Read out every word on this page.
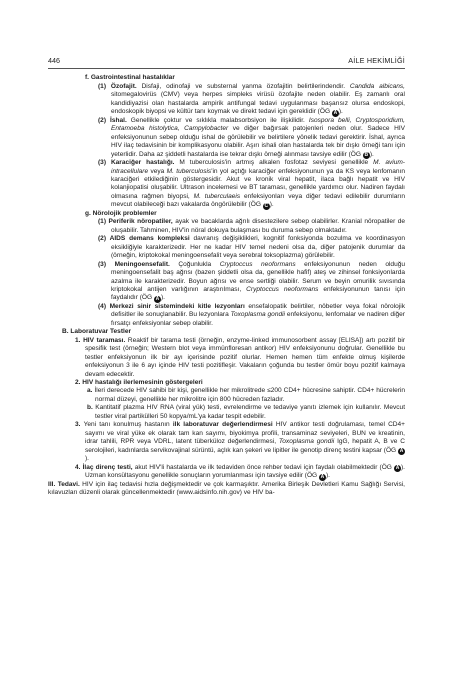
446	AİLE HEKİMLİĞİ

f. Gastrointestinal hastalıklar

(1) Özofajit. Disfaji, odinofaji ve substernal yanma özofajitin belirtilerindendir. Candida albicans, sitomegalovirüs (CMV) veya herpes simpleks virüsü özofajite neden olabilir. Eş zamanlı oral kandidiyazisi olan hastalarda ampirik antifungal tedavi uygulanması başarısız olursa endoskopi, endoskopik biyopsi ve kültür tanı koymak ve direkt tedavi için gereklidir (ÖG A ).

(2) İshal. Genellikle çoktur ve sıklıkla malabsorbsiyon ile ilişkilidir. Isospora belli, Cryptosporidium, Entamoeba histolytica, Campylobacter ve diğer bağırsak patojenleri neden olur. Sadece HIV enfeksiyonunun sebep olduğu ishal de görülebilir ve belirtilere yönelik tedavi gerektirir. İshal, ayrıca HIV ilaç tedavisinin bir komplikasyonu olabilir. Aşırı ishali olan hastalarda tek bir dışkı örneği tanı için yeterlidir. Daha az şiddetli hastalarda ise tekrar dışkı örneği alınması tavsiye edilir (ÖG B ).

(3) Karaciğer hastalığı. M tuberculosis'in artmış alkalen fosfotaz seviyesi genellikle M. avium-intracellulare veya M. tuberculosis'in yol açtığı karaciğer enfeksiyonunun ya da KS veya lenfomanın karaciğeri etkilediğinin göstergesidir. Akut ve kronik viral hepatit, ilaca bağlı hepatit ve HIV kolanjiopatisi oluşabilir. Ultrason incelemesi ve BT taraması, genellikle yardımcı olur. Nadiren faydalı olmasına rağmen biyopsi, M. tuberculaeis enfeksiyonları veya diğer tedavi edilebilir durumların mevcut olabileceği bazı vakalarda öngörülebilir (ÖG C ).

g. Nörolojik problemler

(1) Periferik nöropatiler, ayak ve bacaklarda ağrılı disestezilere sebep olabilirler. Kranial nöropatiler de oluşabilir. Tahminen, HIV'in nöral dokuya bulaşması bu duruma sebep olmaktadır.

(2) AIDS demans kompleksi davranış değişiklikleri, kognitif fonksiyonda bozulma ve koordinasyon eksikliğiyle karakterizedir. Her ne kadar HIV temel nedeni olsa da, diğer patojenik durumlar da (örneğin, kriptokokal meningoensefalit veya serebral toksoplazma) görülebilir.

(3) Meningoensefalit. Çoğunlukla Cryptoccus neoformans enfeksiyonunun neden olduğu meningoensefalit baş ağrısı (bazen şiddetli olsa da, genellikle hafif) ateş ve zihinsel fonksiyonlarda azalma ile karakterizedir. Boyun ağrısı ve ense sertliği olabilir. Serum ve beyin omurilik sıvısında kriptokokal antijen varlığının araştırılması, Cryptoccus neoformans enfeksiyonunun tanısı için faydalıdır (ÖG A ).

(4) Merkezi sinir sistemindeki kitle lezyonları ensefalopatik belirtiler, nöbetler veya fokal nörolojik defisitler ile sonuçlanabilir. Bu lezyonlara Toxoplasma gondii enfeksiyonu, lenfomalar ve nadiren diğer fırsatçı enfeksiyonlar sebep olabilir.

B. Laboratuvar Testler

1. HIV taraması. Reaktif bir tarama testi (örneğin, enzyme-linked immunosorbent assay [ELISA]) artı pozitif bir spesifik test (örneğin; Western blot veya immünfloresan antikor) HIV enfeksiyonunu doğrular. Genellikle bu testler enfeksiyonun ilk bir ayı içerisinde pozitif olurlar. Hemen hemen tüm enfekte olmuş kişilerde enfeksiyonun 3 ile 6 ayı içinde HIV testi pozitifleşir. Vakaların çoğunda bu testler ömür boyu pozitif kalmaya devam edecektir.

2. HIV hastalığı ilerlemesinin göstergeleri

a. İleri derecede HIV sahibi bir kişi, genellikle her mikrolitrede ≤200 CD4+ hücresine sahiptir. CD4+ hücrelerin normal düzeyi, genellikle her mikrolitre için 800 hücreden fazladır.

b. Kantitatif plazma HIV RNA (viral yük) testi, evrelendirme ve tedaviye yanıtı izlemek için kullanılır. Mevcut testler viral partikülleri 50 kopya/mL'ya kadar tespit edebilir.

3. Yeni tanı konulmuş hastanın ilk laboratuvar değerlendirmesi HIV antikor testi doğrulaması, temel CD4+ sayımı ve viral yüke ek olarak tam kan sayımı, biyokimya profili, transaminaz seviyeleri, BUN ve kreatinin, idrar tahlili, RPR veya VDRL, latent tüberküloz değerlendirmesi, Toxoplasma gondii IgG, hepatit A, B ve C serolojileri, kadınlarda servikovajinal sürüntü, açlık kan şekeri ve lipitler ile genotip direnç testini kapsar (ÖG A).

4. İlaç direnç testi, akut HIV'li hastalarda ve ilk tedaviden önce rehber tedavi için faydalı olabilmektedir (ÖG A ). Uzman konsültasyonu genellikle sonuçların yorumlanması için tavsiye edilir (ÖG A ).

III. Tedavi. HIV için ilaç tedavisi hızla değişmektedir ve çok karmaşıktır. Amerika Birleşik Devletleri Kamu Sağlığı Servisi, kılavuzları düzenli olarak güncellenmektedir (www.aidsinfo.nih.gov) ve HIV ba-
